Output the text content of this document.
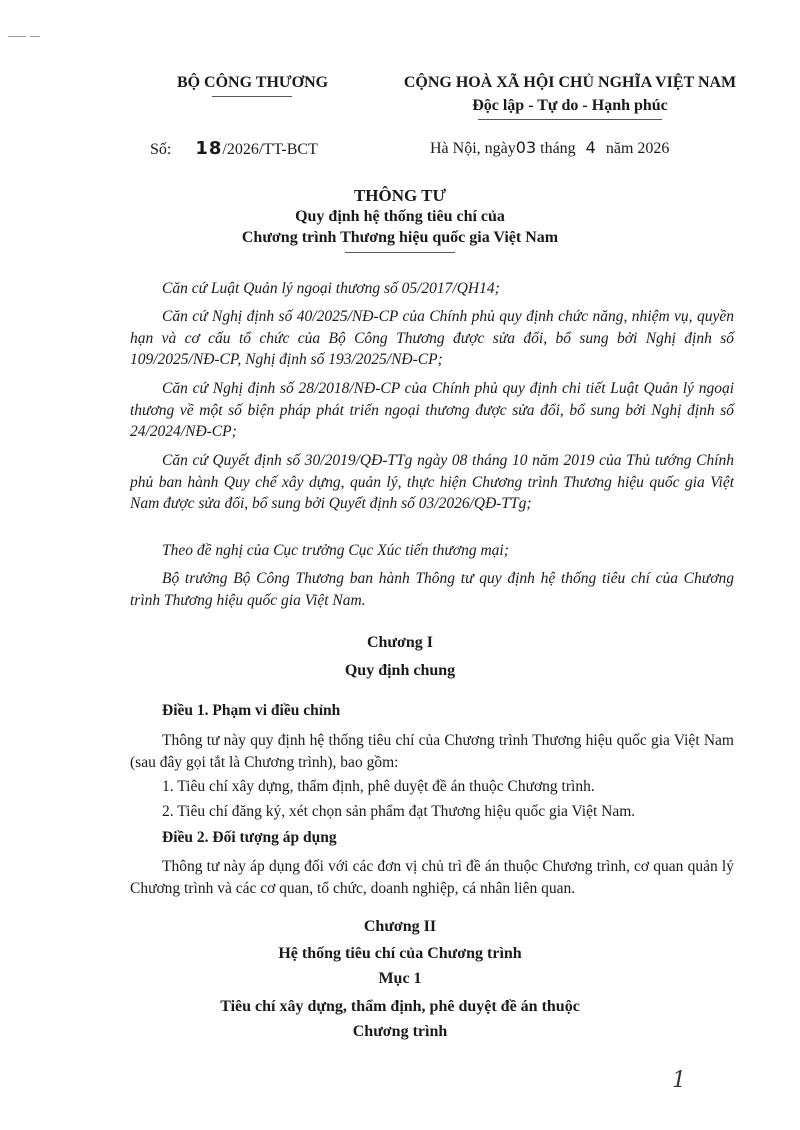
BỘ CÔNG THƯƠNG	CỘNG HOÀ XÃ HỘI CHỦ NGHĨA VIỆT NAM
Độc lập - Tự do - Hạnh phúc
Số: 18/2026/TT-BCT	Hà Nội, ngày03 tháng 4 năm 2026
THÔNG TƯ
Quy định hệ thống tiêu chí của
Chương trình Thương hiệu quốc gia Việt Nam
Căn cứ Luật Quản lý ngoại thương số 05/2017/QH14;
Căn cứ Nghị định số 40/2025/NĐ-CP của Chính phủ quy định chức năng, nhiệm vụ, quyền hạn và cơ cấu tổ chức của Bộ Công Thương được sửa đổi, bổ sung bởi Nghị định số 109/2025/NĐ-CP, Nghị định số 193/2025/NĐ-CP;
Căn cứ Nghị định số 28/2018/NĐ-CP của Chính phủ quy định chi tiết Luật Quản lý ngoại thương về một số biện pháp phát triển ngoại thương được sửa đổi, bổ sung bởi Nghị định số 24/2024/NĐ-CP;
Căn cứ Quyết định số 30/2019/QĐ-TTg ngày 08 tháng 10 năm 2019 của Thủ tướng Chính phủ ban hành Quy chế xây dựng, quản lý, thực hiện Chương trình Thương hiệu quốc gia Việt Nam được sửa đổi, bổ sung bởi Quyết định số 03/2026/QĐ-TTg;
Theo đề nghị của Cục trưởng Cục Xúc tiến thương mại;
Bộ trưởng Bộ Công Thương ban hành Thông tư quy định hệ thống tiêu chí của Chương trình Thương hiệu quốc gia Việt Nam.
Chương I
Quy định chung
Điều 1. Phạm vi điều chỉnh
Thông tư này quy định hệ thống tiêu chí của Chương trình Thương hiệu quốc gia Việt Nam (sau đây gọi tắt là Chương trình), bao gồm:
1. Tiêu chí xây dựng, thẩm định, phê duyệt đề án thuộc Chương trình.
2. Tiêu chí đăng ký, xét chọn sản phẩm đạt Thương hiệu quốc gia Việt Nam.
Điều 2. Đối tượng áp dụng
Thông tư này áp dụng đối với các đơn vị chủ trì đề án thuộc Chương trình, cơ quan quản lý Chương trình và các cơ quan, tổ chức, doanh nghiệp, cá nhân liên quan.
Chương II
Hệ thống tiêu chí của Chương trình
Mục 1
Tiêu chí xây dựng, thẩm định, phê duyệt đề án thuộc
Chương trình
1
